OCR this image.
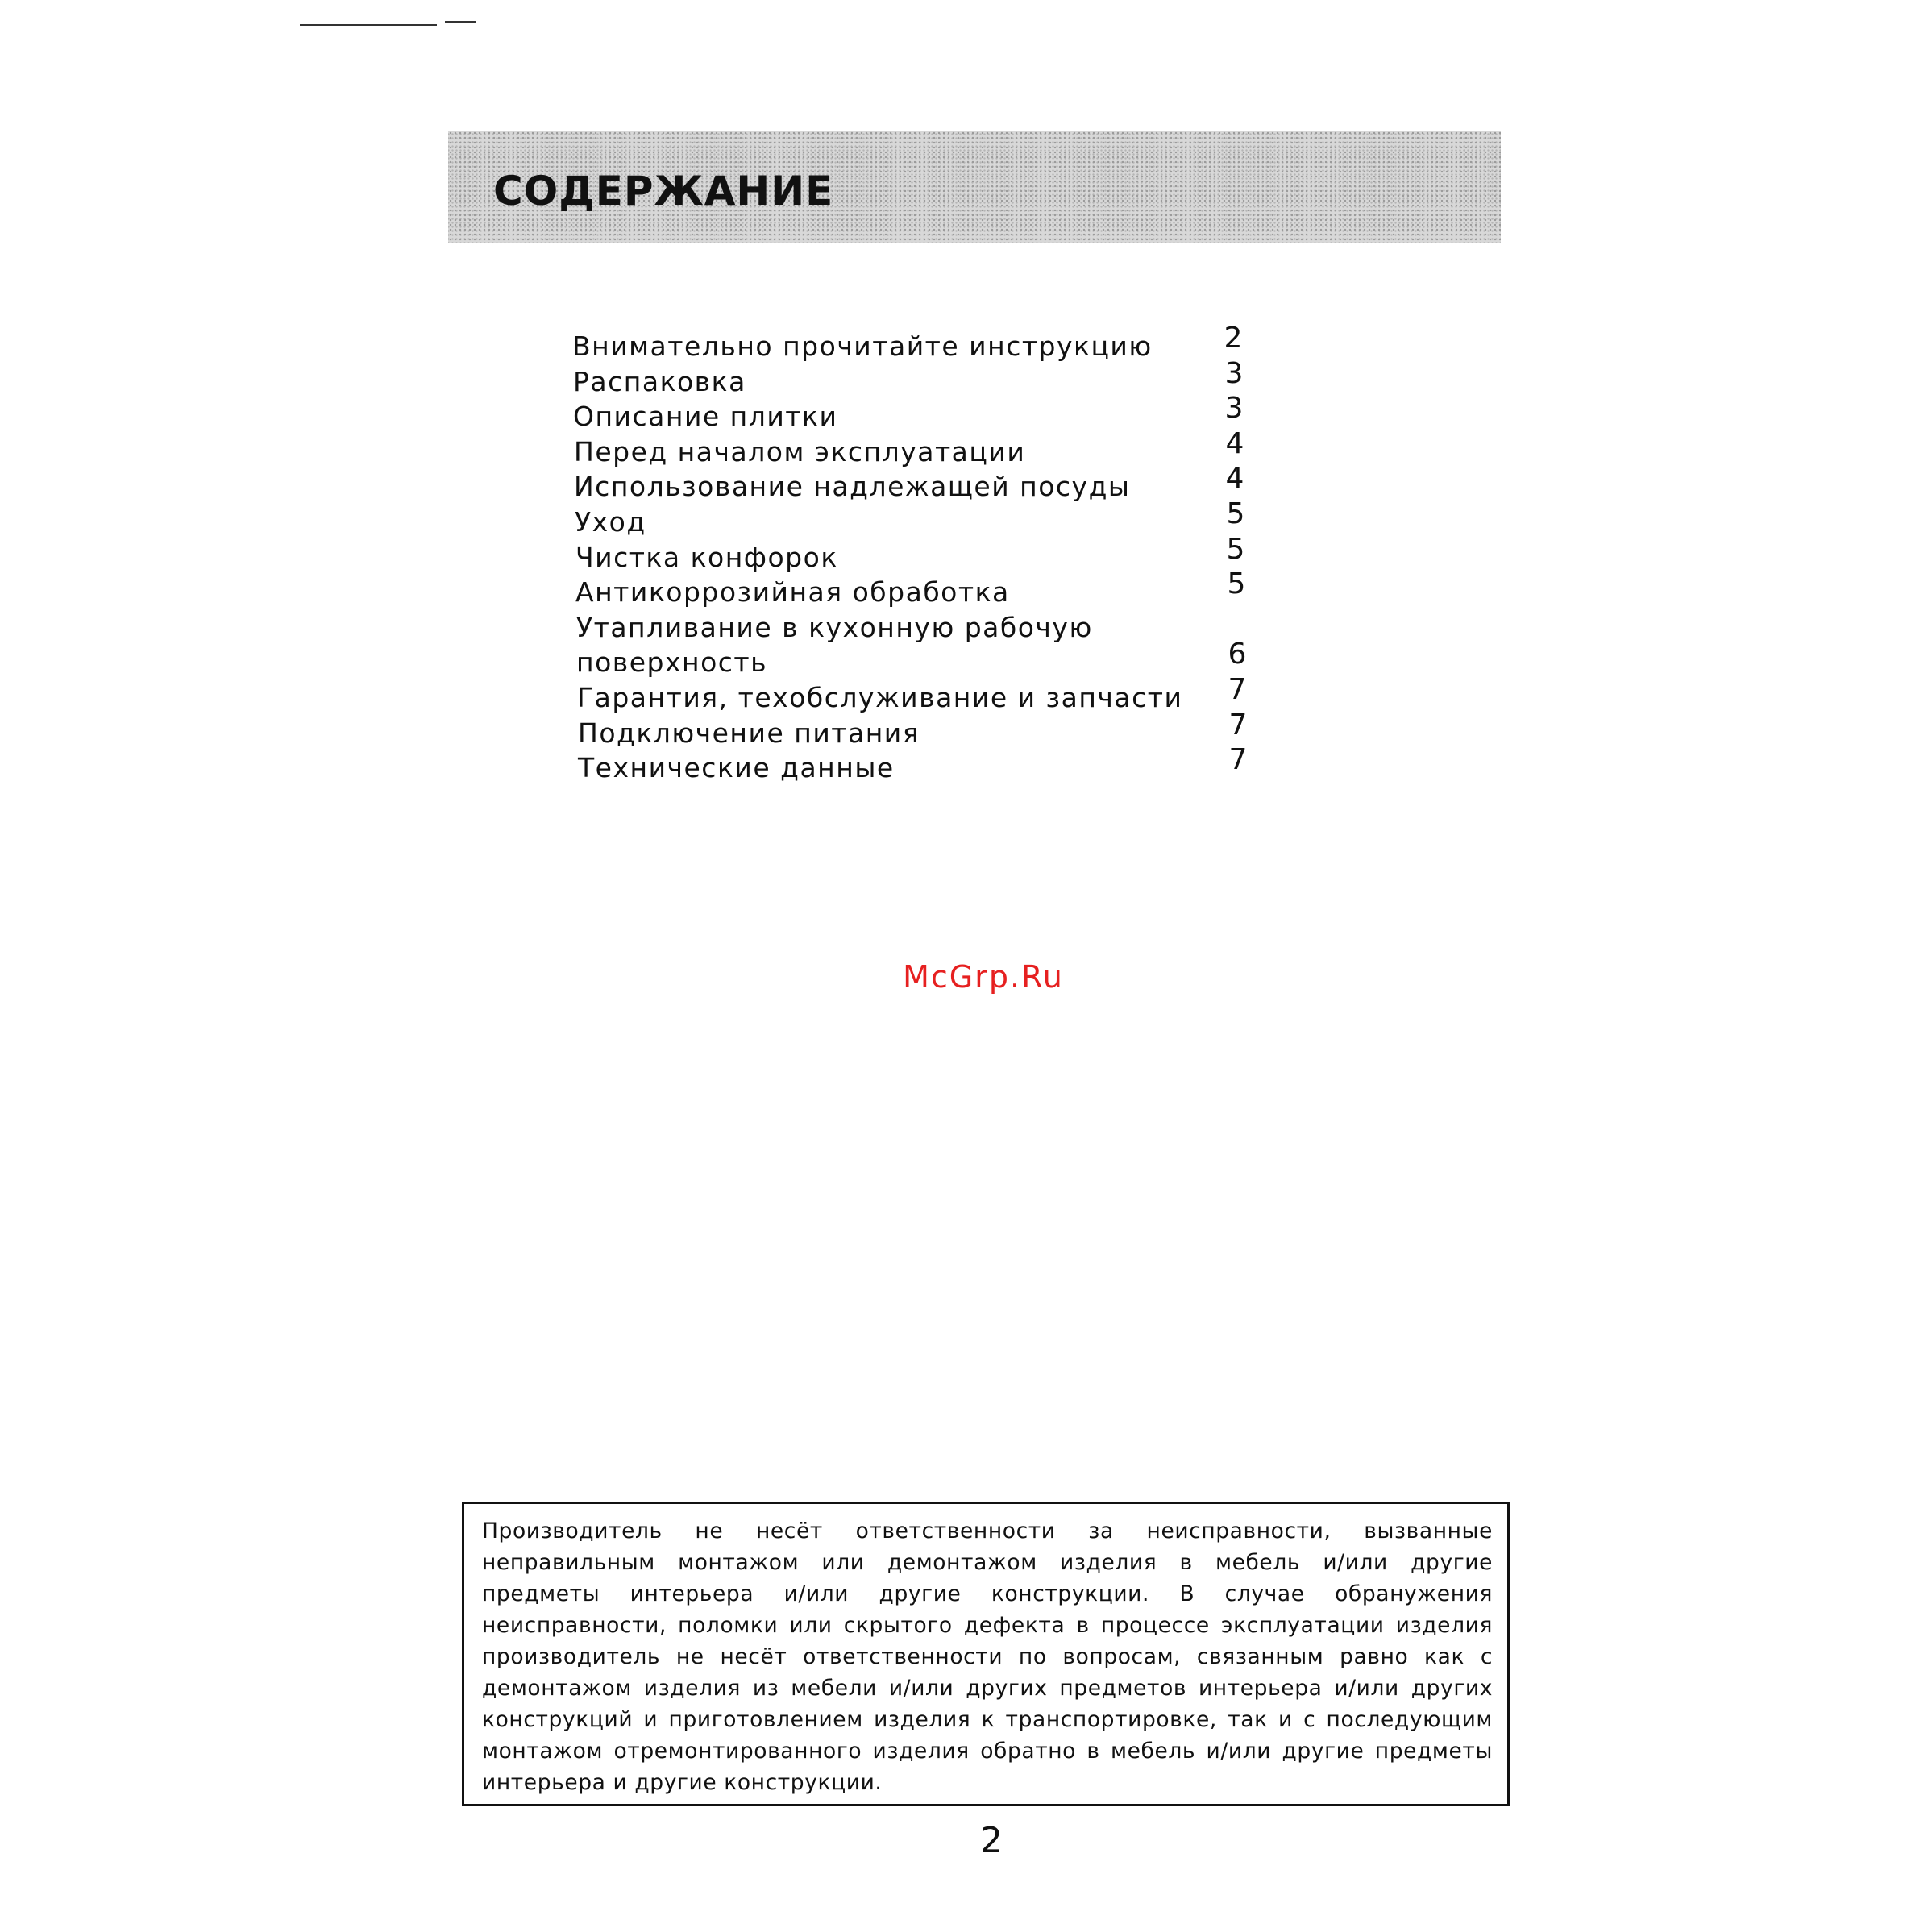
СОДЕРЖАНИЕ
Внимательно прочитайте инструкцию 2
Распаковка	3
Описание плитки	3
Перед началом эксплуатации	4
Использование надлежащей посуды	4
Уход	5
Чистка конфорок	5
Антикоррозийная обработка	5
Утапливание в кухонную рабочую
поверхность	6
Гарантия, техобслуживание и запчасти 7
Подключение питания	7
Технические данные	7
McGrp.Ru

Производитель не несёт ответственности за неисправности, вызванные неправильным монтажом или демонтажом изделия в мебель и/или другие предметы интерьера и/или другие конструкции. В случае обранужения неисправности, поломки или скрытого дефекта в процессе эксплуатации изделия производитель не несёт ответственности по вопросам, связанным равно как с демонтажом изделия из мебели и/или других предметов интерьера и/или других конструкций и приготовлением изделия к транспортировке, так и с последующим монтажом отремонтированного изделия обратно в мебель и/или другие предметы интерьера и другие конструкции.

2
